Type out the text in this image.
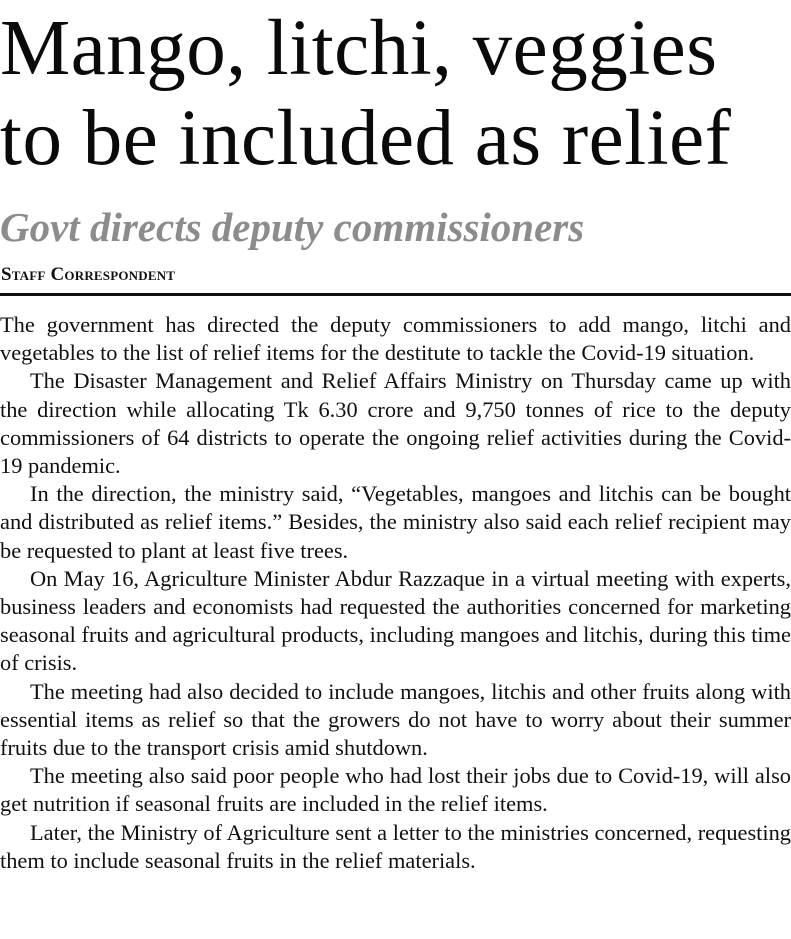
Mango, litchi, veggies
to be included as relief
Govt directs deputy commissioners
Staff Correspondent

The government has directed the deputy commissioners to add mango, litchi and vegetables to the list of relief items for the destitute to tackle the Covid-19 situation.

The Disaster Management and Relief Affairs Ministry on Thursday came up with the direction while allocating Tk 6.30 crore and 9,750 tonnes of rice to the deputy commissioners of 64 districts to operate the ongoing relief activities during the Covid-19 pandemic.

In the direction, the ministry said, “Vegetables, mangoes and litchis can be bought and distributed as relief items.” Besides, the ministry also said each relief recipient may be requested to plant at least five trees.

On May 16, Agriculture Minister Abdur Razzaque in a virtual meeting with experts, business leaders and economists had requested the authorities concerned for marketing seasonal fruits and agricultural products, including mangoes and litchis, during this time of crisis.

The meeting had also decided to include mangoes, litchis and other fruits along with essential items as relief so that the growers do not have to worry about their summer fruits due to the transport crisis amid shutdown.

The meeting also said poor people who had lost their jobs due to Covid-19, will also get nutrition if seasonal fruits are included in the relief items.

Later, the Ministry of Agriculture sent a letter to the ministries concerned, requesting them to include seasonal fruits in the relief materials.
